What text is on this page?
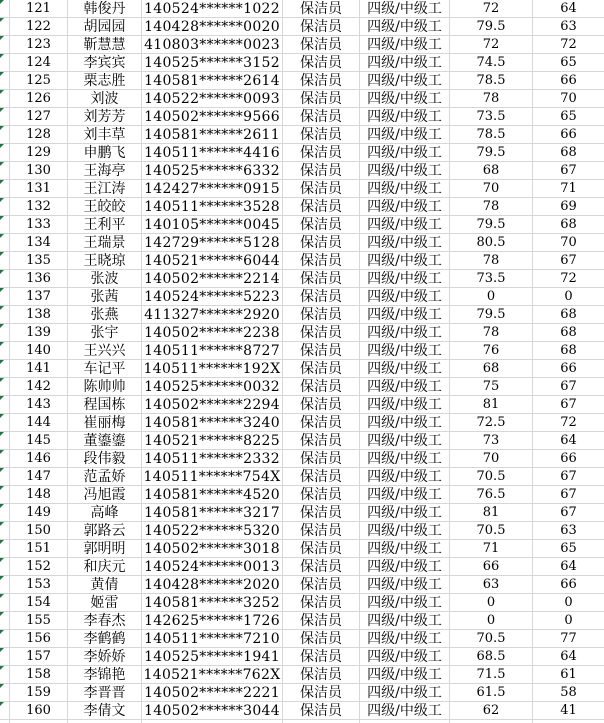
121	韩俊丹	140524******1022	保洁员	四级/中级工	72	64
122	胡园园	140428******0020	保洁员	四级/中级工	79.5	63
123	靳慧慧	410803******0023	保洁员	四级/中级工	72	72
124	李宾宾	140525******3152	保洁员	四级/中级工	74.5	65
125	栗志胜	140581******2614	保洁员	四级/中级工	78.5	66
126	刘波	140522******0093	保洁员	四级/中级工	78	70
127	刘芳芳	140502******9566	保洁员	四级/中级工	73.5	65
128	刘丰草	140581******2611	保洁员	四级/中级工	78.5	66
129	申鹏飞	140511******4416	保洁员	四级/中级工	79.5	68
130	王海亭	140525******6332	保洁员	四级/中级工	68	67
131	王江涛	142427******0915	保洁员	四级/中级工	70	71
132	王皎皎	140511******3528	保洁员	四级/中级工	78	69
133	王利平	140105******0045	保洁员	四级/中级工	79.5	68
134	王瑞景	142729******5128	保洁员	四级/中级工	80.5	70
135	王晓琼	140521******6044	保洁员	四级/中级工	78	67
136	张波	140502******2214	保洁员	四级/中级工	73.5	72
137	张茜	140524******5223	保洁员	四级/中级工	0	0
138	张燕	411327******2920	保洁员	四级/中级工	79.5	68
139	张宇	140502******2238	保洁员	四级/中级工	78	68
140	王兴兴	140511******8727	保洁员	四级/中级工	76	68
141	车记平	140511******192X	保洁员	四级/中级工	68	66
142	陈帅帅	140525******0032	保洁员	四级/中级工	75	67
143	程国栋	140502******2294	保洁员	四级/中级工	81	67
144	崔丽梅	140581******3240	保洁员	四级/中级工	72.5	72
145	董鎏鎏	140521******8225	保洁员	四级/中级工	73	64
146	段伟毅	140511******2332	保洁员	四级/中级工	70	66
147	范孟娇	140511******754X	保洁员	四级/中级工	70.5	67
148	冯旭霞	140581******4520	保洁员	四级/中级工	76.5	67
149	高峰	140581******3217	保洁员	四级/中级工	81	67
150	郭路云	140522******5320	保洁员	四级/中级工	70.5	63
151	郭明明	140502******3018	保洁员	四级/中级工	71	65
152	和庆元	140524******0013	保洁员	四级/中级工	66	64
153	黄倩	140428******2020	保洁员	四级/中级工	63	66
154	姬雷	140581******3252	保洁员	四级/中级工	0	0
155	李春杰	142625******1726	保洁员	四级/中级工	0	0
156	李鹤鹤	140511******7210	保洁员	四级/中级工	70.5	77
157	李娇娇	140525******1941	保洁员	四级/中级工	68.5	64
158	李锦艳	140521******762X	保洁员	四级/中级工	71.5	61
159	李晋晋	140502******2221	保洁员	四级/中级工	61.5	58
160	李倩文	140502******3044	保洁员	四级/中级工	62	41
